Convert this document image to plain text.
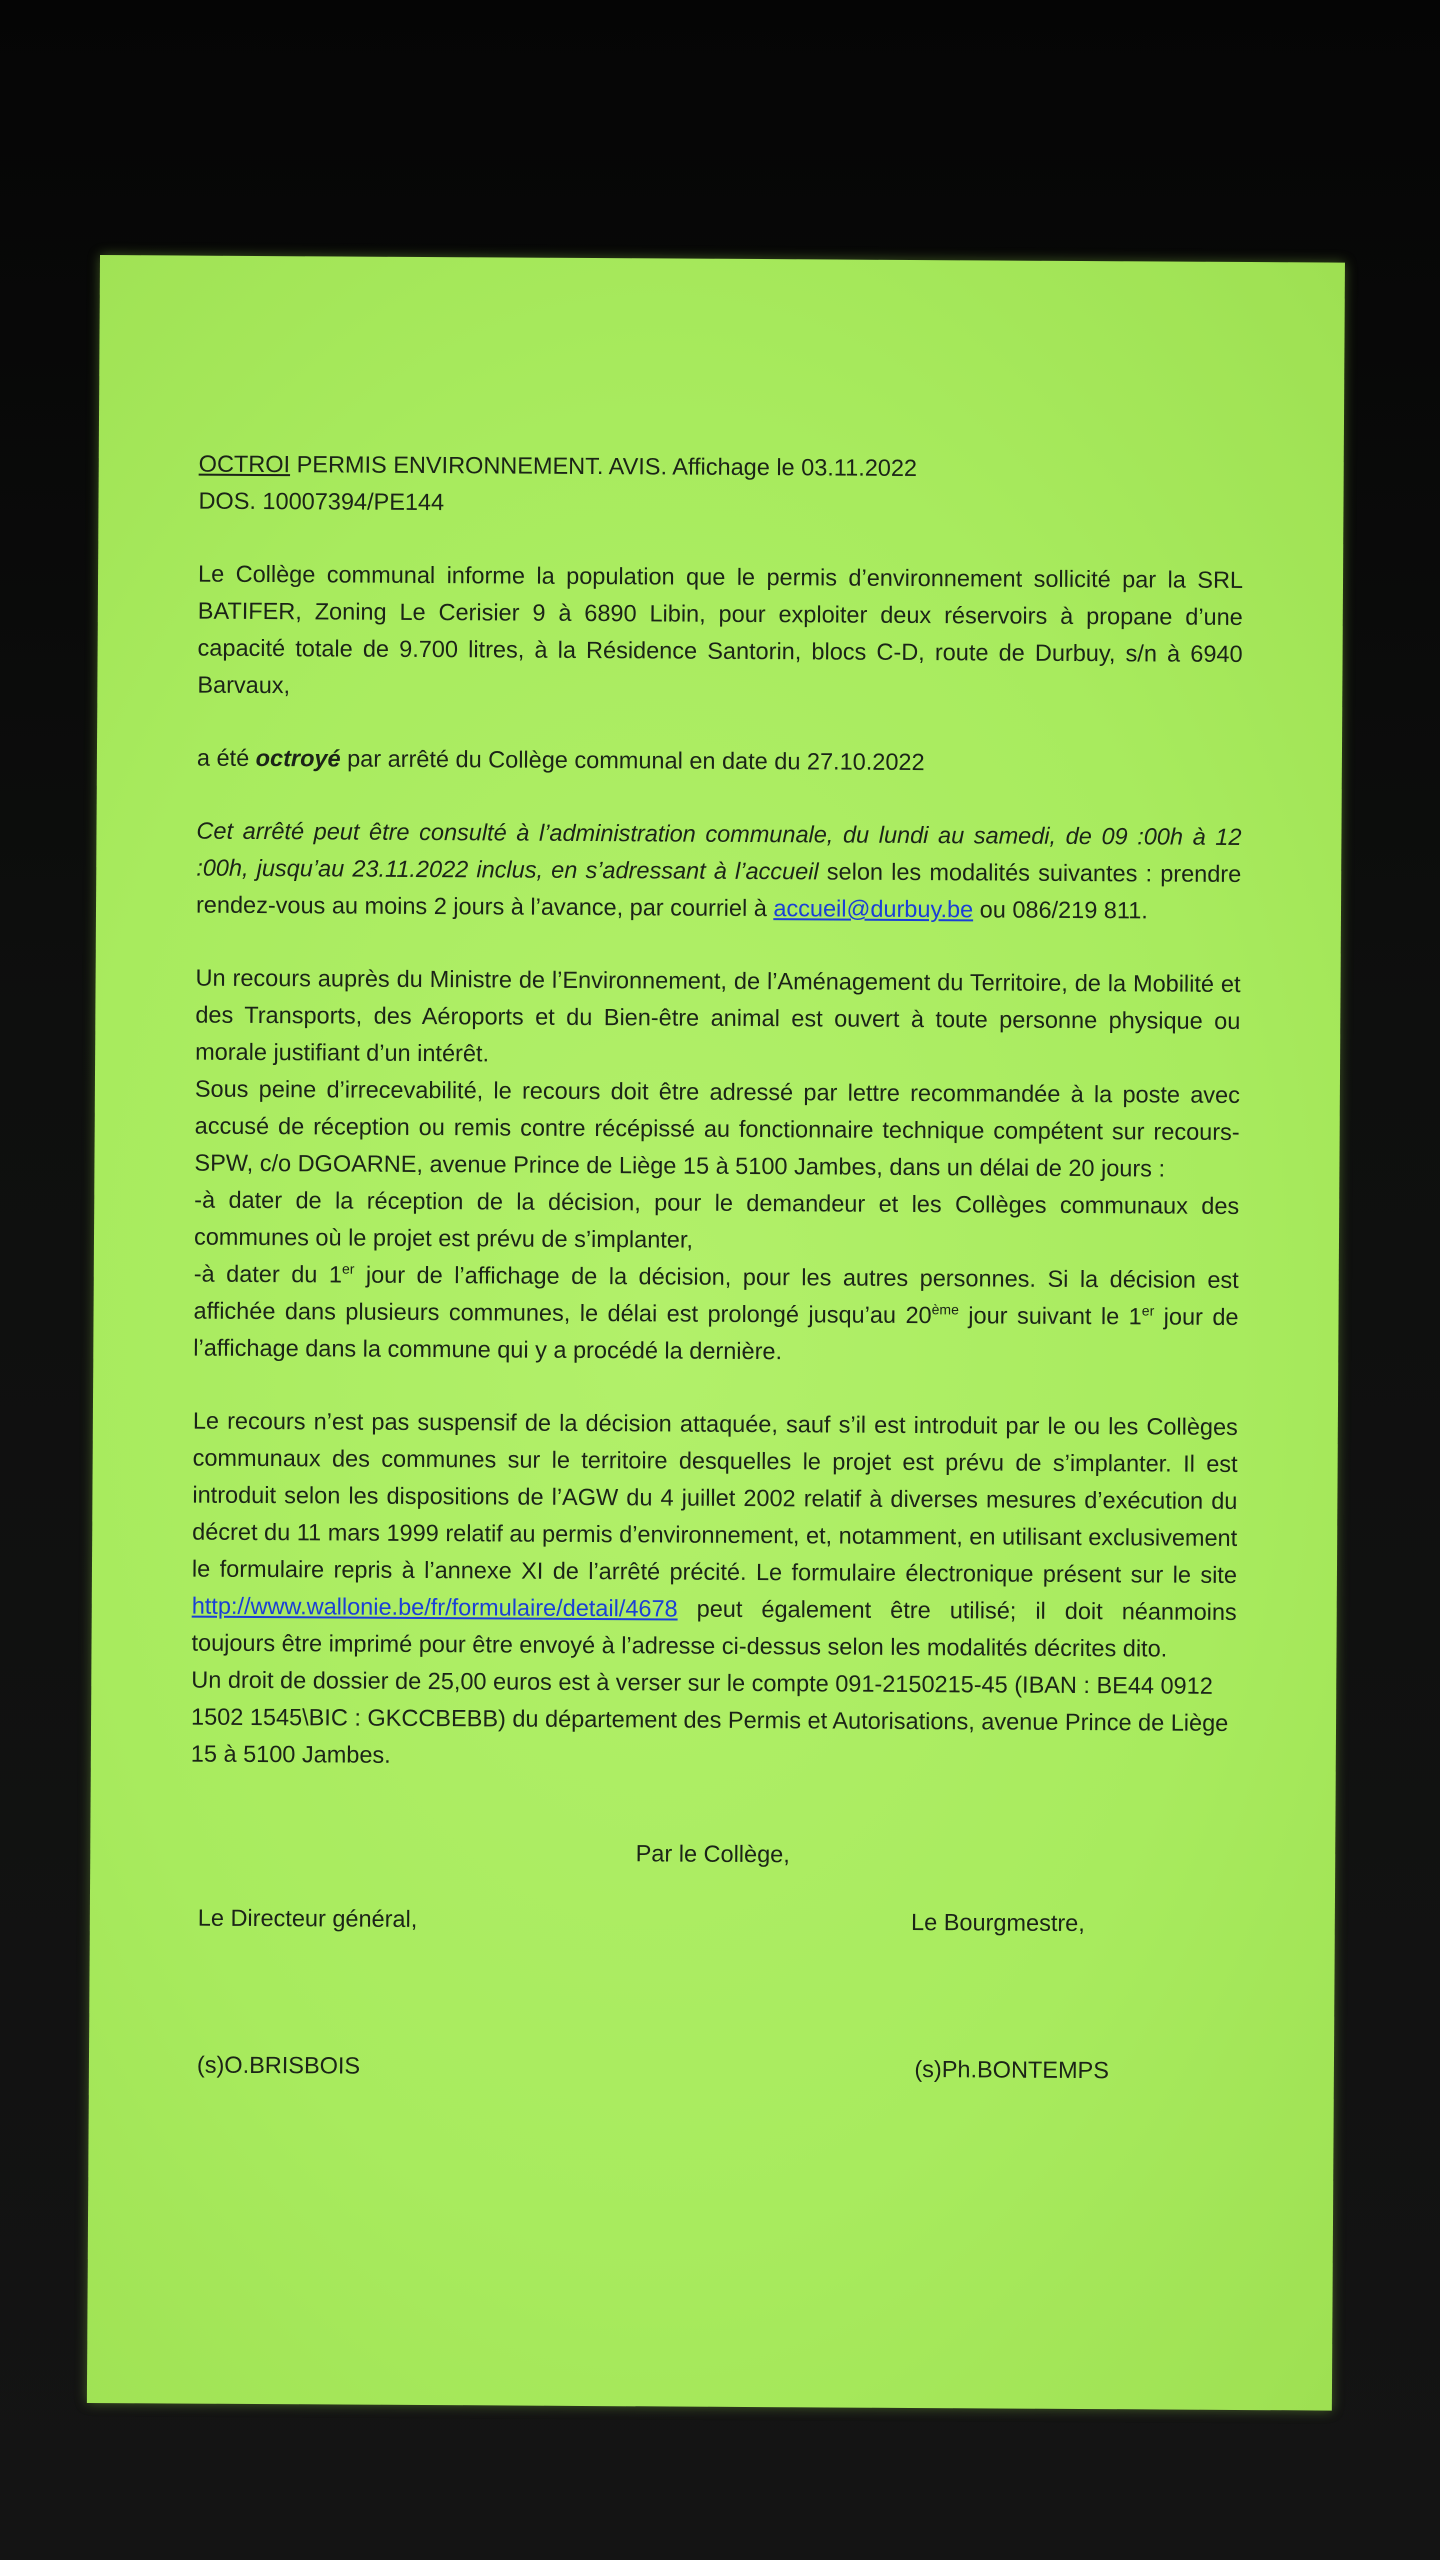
OCTROI PERMIS ENVIRONNEMENT. AVIS. Affichage le 03.11.2022

DOS. 10007394/PE144

Le Collège communal informe la population que le permis d’environnement sollicité par la SRL BATIFER, Zoning Le Cerisier 9 à 6890 Libin, pour exploiter deux réservoirs à propane d’une capacité totale de 9.700 litres, à la Résidence Santorin, blocs C-D, route de Durbuy, s/n à 6940 Barvaux,

a été octroyé par arrêté du Collège communal en date du 27.10.2022

Cet arrêté peut être consulté à l’administration communale, du lundi au samedi, de 09 :00h à 12 :00h, jusqu’au 23.11.2022 inclus, en s’adressant à l’accueil selon les modalités suivantes : prendre rendez-vous au moins 2 jours à l’avance, par courriel à accueil@durbuy.be ou 086/219 811.

Un recours auprès du Ministre de l’Environnement, de l’Aménagement du Territoire, de la Mobilité et des Transports, des Aéroports et du Bien-être animal est ouvert à toute personne physique ou morale justifiant d’un intérêt.

Sous peine d’irrecevabilité, le recours doit être adressé par lettre recommandée à la poste avec accusé de réception ou remis contre récépissé au fonctionnaire technique compétent sur recours-SPW, c/o DGOARNE, avenue Prince de Liège 15 à 5100 Jambes, dans un délai de 20 jours :

-à dater de la réception de la décision, pour le demandeur et les Collèges communaux des communes où le projet est prévu de s’implanter,

-à dater du 1er jour de l’affichage de la décision, pour les autres personnes. Si la décision est affichée dans plusieurs communes, le délai est prolongé jusqu’au 20ème jour suivant le 1er jour de l’affichage dans la commune qui y a procédé la dernière.

Le recours n’est pas suspensif de la décision attaquée, sauf s’il est introduit par le ou les Collèges communaux des communes sur le territoire desquelles le projet est prévu de s’implanter. Il est introduit selon les dispositions de l’AGW du 4 juillet 2002 relatif à diverses mesures d’exécution du décret du 11 mars 1999 relatif au permis d’environnement, et, notamment, en utilisant exclusivement le formulaire repris à l’annexe XI de l’arrêté précité. Le formulaire électronique présent sur le site http://www.wallonie.be/fr/formulaire/detail/4678 peut également être utilisé; il doit néanmoins toujours être imprimé pour être envoyé à l’adresse ci-dessus selon les modalités décrites dito.

Un droit de dossier de 25,00 euros est à verser sur le compte 091-2150215-45 (IBAN : BE44 0912 1502 1545\BIC : GKCCBEBB) du département des Permis et Autorisations, avenue Prince de Liège 15 à 5100 Jambes.

Par le Collège,

Le Directeur général,	Le Bourgmestre,
(s)O.BRISBOIS	(s)Ph.BONTEMPS
